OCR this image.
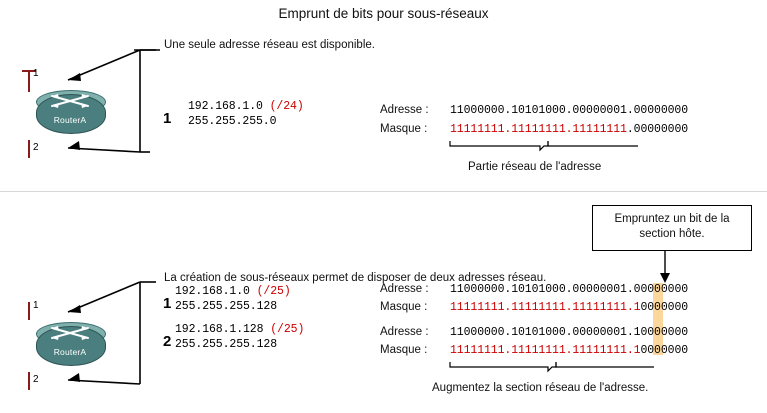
Emprunt de bits pour sous-réseaux
RouterA
1
2
Une seule adresse réseau est disponible.
1
192.168.1.0 (/24)
255.255.255.0
Adresse :
Masque :
11000000.10101000.00000001.00000000
11111111.11111111.11111111.00000000
Partie réseau de l'adresse
Empruntez un bit de la section hôte.
RouterA
1
2
La création de sous-réseaux permet de disposer de deux adresses réseau.
1
192.168.1.0 (/25)
255.255.255.128
2
192.168.1.128 (/25)
255.255.255.128
Adresse :
Masque :
11000000.10101000.00000001.00000000
11111111.11111111.11111111.10000000
Adresse :
Masque :
11000000.10101000.00000001.10000000
11111111.11111111.11111111.10000000
Augmentez la section réseau de l'adresse.
